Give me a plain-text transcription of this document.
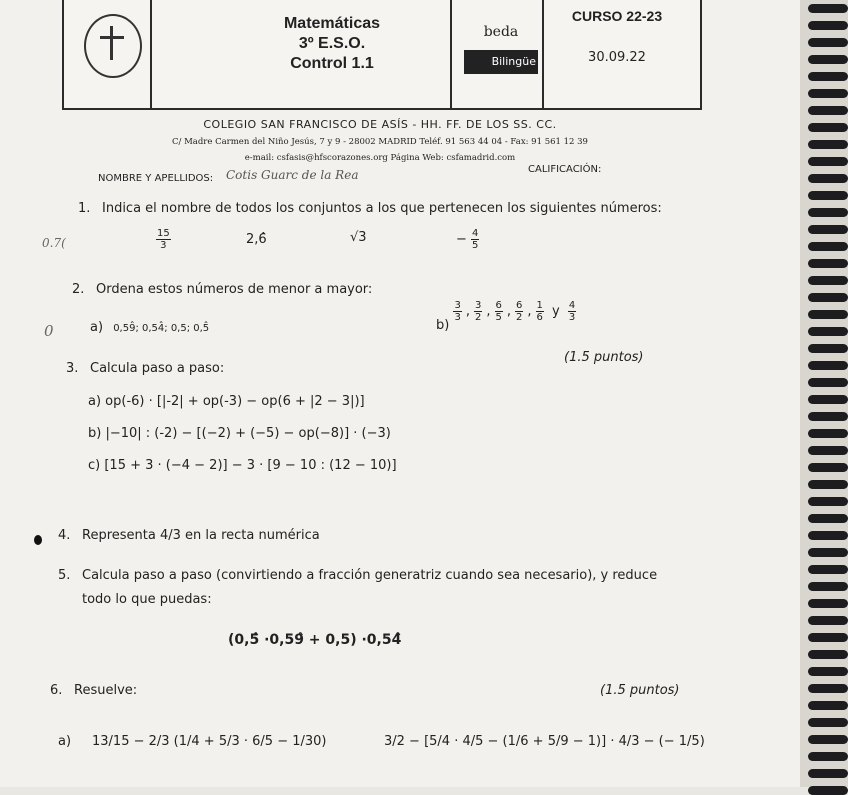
Matemáticas
3º E.S.O.
Control 1.1
beda
Bilingüe
CURSO 22-23
30.09.22
COLEGIO SAN FRANCISCO DE ASÍS - HH. FF. DE LOS SS. CC.
C/ Madre Carmen del Niño Jesús, 7 y 9 - 28002 MADRID Teléf. 91 563 44 04 - Fax: 91 561 12 39
e-mail: csfasis@hfscorazones.org Página Web: csfamadrid.com
NOMBRE Y APELLIDOS: Cotis Guarc de la Rea	CALIFICACIÓN:
1. Indica el nombre de todos los conjuntos a los que pertenecen los siguientes números:
0.7(	$\frac{15}{3}$	2,6̂	√3	− $\frac{4}{5}$
2. Ordena estos números de menor a mayor:
0	a) 0,59̂; 0,54̂; 0,5; 0,5̂	b)
$\frac{3}{3}$ , $\frac{3}{2}$ , $\frac{6}{5}$ , $\frac{6}{2}$ , $\frac{1}{6}$ y $\frac{4}{3}$
3. Calcula paso a paso:
(1.5 puntos)
a) op(-6) · [|-2| + op(-3) − op(6 + |2 − 3|)]
b) |−10| : (-2) − [(−2) + (−5) − op(−8)] · (−3)
c) [15 + 3 · (−4 − 2)] − 3 · [9 − 10 : (12 − 10)]
4. Representa 4/3 en la recta numérica
5. Calcula paso a paso (convirtiendo a fracción generatriz cuando sea necesario), y reduce
todo lo que puedas:
(0,5̂ ·0,59̂ + 0,5) ·0,54̂
6. Resuelve:	(1.5 puntos)
a) 13/15 − 2/3 (1/4 + 5/3 · 6/5 − 1/30)	3/2 − [5/4 · 4/5 − (1/6 + 5/9 − 1)] · 4/3 − (− 1/5)
